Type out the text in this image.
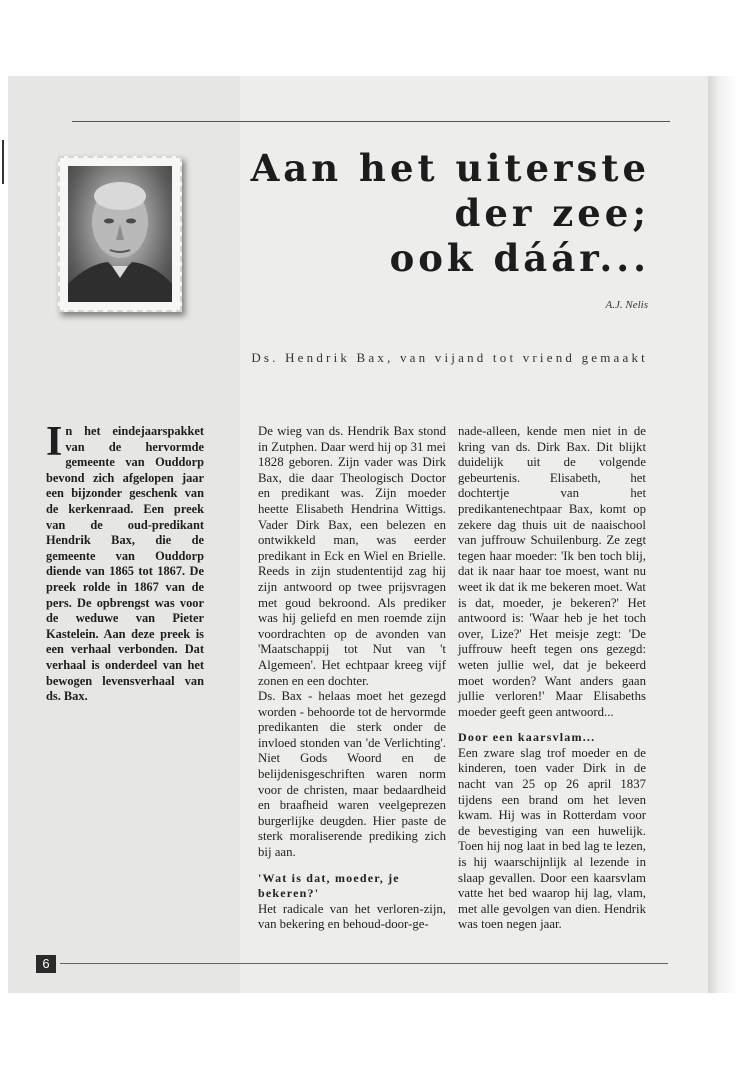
Aan het uiterste
der zee;
ook dáár...
A.J. Nelis
Ds. Hendrik Bax, van vijand tot vriend gemaakt
In het eindejaarspakket van de hervormde gemeente van Ouddorp bevond zich afgelopen jaar een bijzonder geschenk van de kerkenraad. Een preek van de oud-predikant Hendrik Bax, die de gemeente van Ouddorp diende van 1865 tot 1867. De preek rolde in 1867 van de pers. De opbrengst was voor de weduwe van Pieter Kastelein. Aan deze preek is een verhaal verbonden. Dat verhaal is onderdeel van het bewogen levensverhaal van ds. Bax.

De wieg van ds. Hendrik Bax stond in Zutphen. Daar werd hij op 31 mei 1828 geboren. Zijn vader was Dirk Bax, die daar Theologisch Doctor en predikant was. Zijn moeder heette Elisabeth Hendrina Wittigs. Vader Dirk Bax, een belezen en ontwikkeld man, was eerder predikant in Eck en Wiel en Brielle. Reeds in zijn studententijd zag hij zijn antwoord op twee prijsvragen met goud bekroond. Als prediker was hij geliefd en men roemde zijn voordrachten op de avonden van 'Maatschappij tot Nut van 't Algemeen'. Het echtpaar kreeg vijf zonen en een dochter.

Ds. Bax - helaas moet het gezegd worden - behoorde tot de hervormde predikanten die sterk onder de invloed stonden van 'de Verlichting'. Niet Gods Woord en de belijdenisgeschriften waren norm voor de christen, maar bedaardheid en braafheid waren veelgeprezen burgerlijke deugden. Hier paste de sterk moraliserende prediking zich bij aan.

'Wat is dat, moeder, je bekeren?'

Het radicale van het verloren-zijn, van bekering en behoud-door-ge-

nade-alleen, kende men niet in de kring van ds. Dirk Bax. Dit blijkt duidelijk uit de volgende gebeurtenis. Elisabeth, het dochtertje van het predikantenechtpaar Bax, komt op zekere dag thuis uit de naaischool van juffrouw Schuilenburg. Ze zegt tegen haar moeder: 'Ik ben toch blij, dat ik naar haar toe moest, want nu weet ik dat ik me bekeren moet. Wat is dat, moeder, je bekeren?' Het antwoord is: 'Waar heb je het toch over, Lize?' Het meisje zegt: 'De juffrouw heeft tegen ons gezegd: weten jullie wel, dat je bekeerd moet worden? Want anders gaan jullie verloren!' Maar Elisabeths moeder geeft geen antwoord...

Door een kaarsvlam...

Een zware slag trof moeder en de kinderen, toen vader Dirk in de nacht van 25 op 26 april 1837 tijdens een brand om het leven kwam. Hij was in Rotterdam voor de bevestiging van een huwelijk. Toen hij nog laat in bed lag te lezen, is hij waarschijnlijk al lezende in slaap gevallen. Door een kaarsvlam vatte het bed waarop hij lag, vlam, met alle gevolgen van dien. Hendrik was toen negen jaar.

6
